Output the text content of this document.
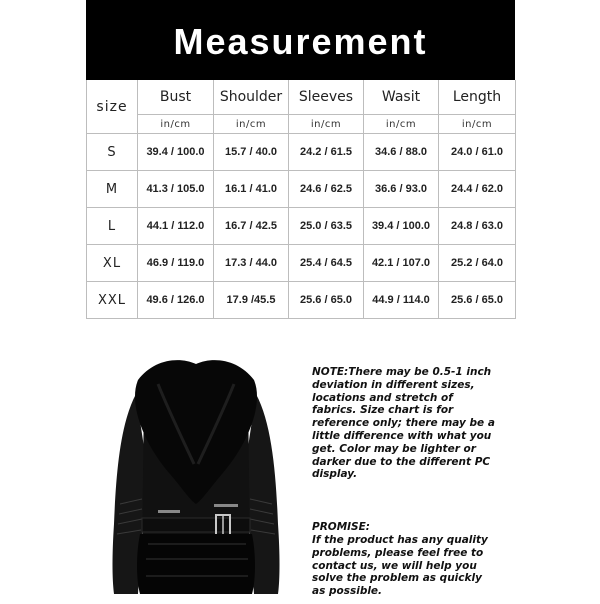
Measurement
size	Bust	Shoulder	Sleeves	Wasit	Length
	in/cm	in/cm	in/cm	in/cm	in/cm
S	39.4 / 100.0	15.7 / 40.0	24.2 / 61.5	34.6 / 88.0	24.0 / 61.0
M	41.3 / 105.0	16.1 / 41.0	24.6 / 62.5	36.6 / 93.0	24.4 / 62.0
L	44.1 / 112.0	16.7 / 42.5	25.0 / 63.5	39.4 / 100.0	24.8 / 63.0
XL	46.9 / 119.0	17.3 / 44.0	25.4 / 64.5	42.1 / 107.0	25.2 / 64.0
XXL	49.6 / 126.0	17.9 /45.5	25.6 / 65.0	44.9 / 114.0	25.6 / 65.0
NOTE:There may be 0.5-1 inch deviation in different sizes, locations and stretch of fabrics. Size chart is for reference only; there may be a little difference with what you get. Color may be lighter or darker due to the different PC display.
PROMISE:
If the product has any quality problems, please feel free to contact us, we will help you solve the problem as quickly as possible.
